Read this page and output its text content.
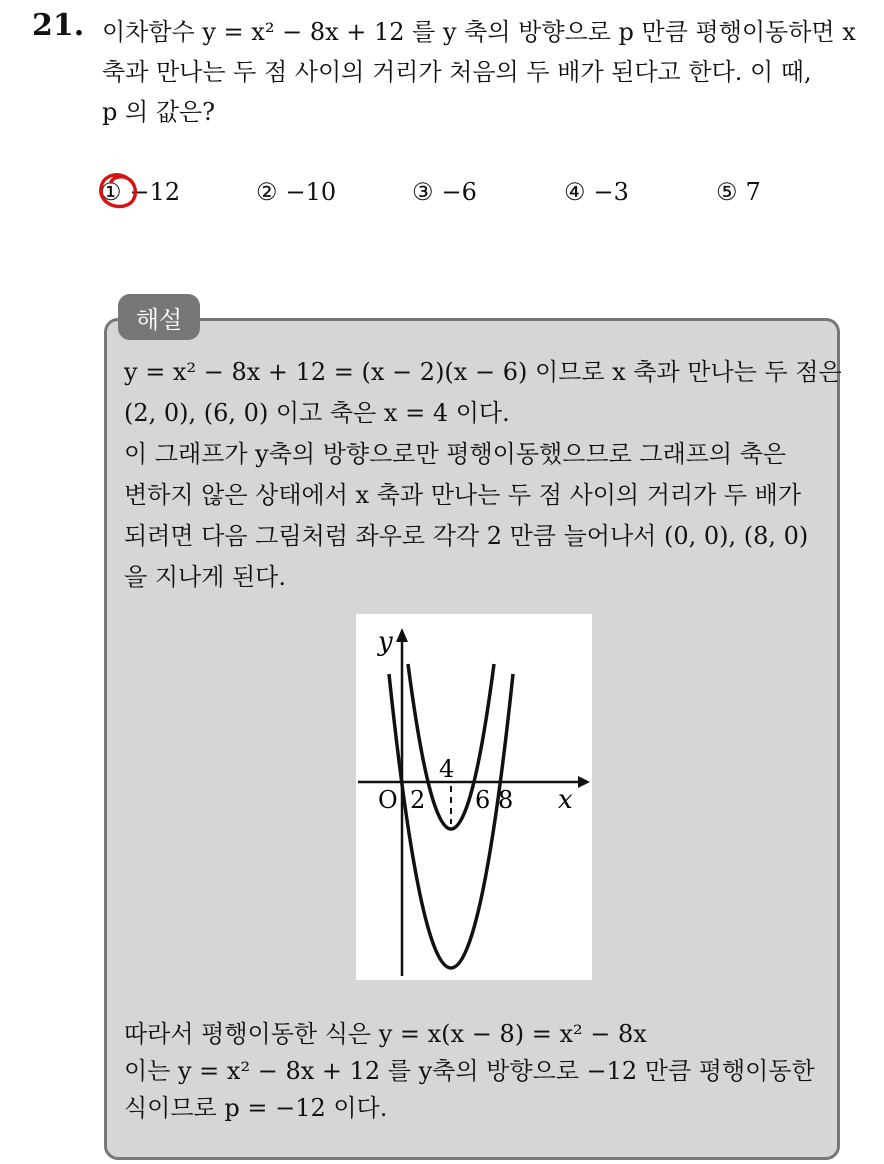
21. 이차함수 y = x² − 8x + 12 를 y 축의 방향으로 p 만큼 평행이동하면 x
축과 만나는 두 점 사이의 거리가 처음의 두 배가 된다고 한다. 이 때,
p 의 값은?

① −12	② −10	③ −6	④ −3	⑤ 7
해설

y = x² − 8x + 12 = (x − 2)(x − 6) 이므로 x 축과 만나는 두 점은
(2, 0), (6, 0) 이고 축은 x = 4 이다.
이 그래프가 y축의 방향으로만 평행이동했으므로 그래프의 축은
변하지 않은 상태에서 x 축과 만나는 두 점 사이의 거리가 두 배가
되려면 다음 그림처럼 좌우로 각각 2 만큼 늘어나서 (0, 0), (8, 0)
을 지나게 된다.

y
x
O 2
4
6 8

따라서 평행이동한 식은 y = x(x − 8) = x² − 8x
이는 y = x² − 8x + 12 를 y축의 방향으로 −12 만큼 평행이동한
식이므로 p = −12 이다.
